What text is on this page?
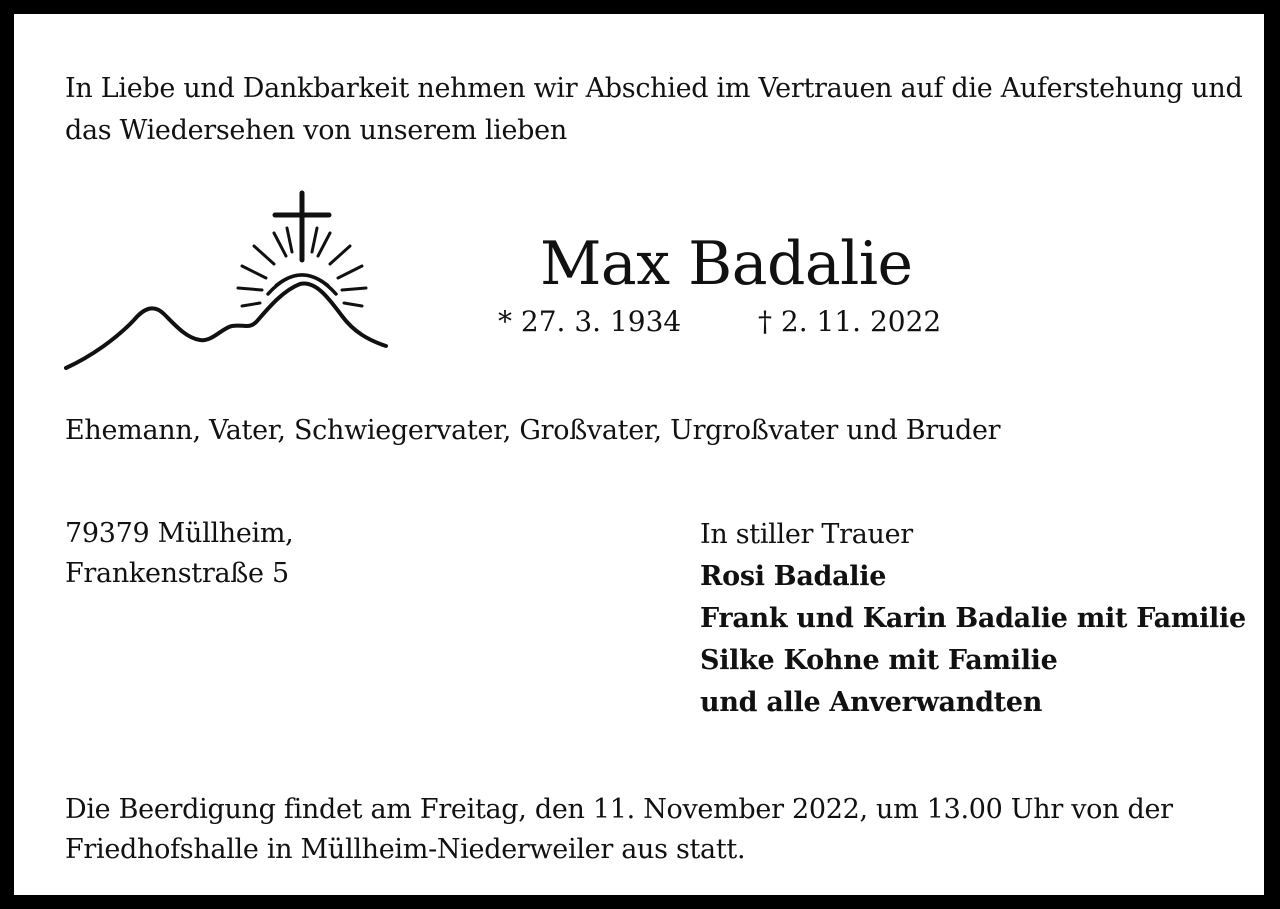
In Liebe und Dankbarkeit nehmen wir Abschied im Vertrauen auf die Auferstehung und
das Wiedersehen von unserem lieben
Max Badalie
* 27. 3. 1934	† 2. 11. 2022
Ehemann, Vater, Schwiegervater, Großvater, Urgroßvater und Bruder
79379 Müllheim,
Frankenstraße 5
In stiller Trauer
Rosi Badalie
Frank und Karin Badalie mit Familie
Silke Kohne mit Familie
und alle Anverwandten
Die Beerdigung findet am Freitag, den 11. November 2022, um 13.00 Uhr von der
Friedhofshalle in Müllheim-Niederweiler aus statt.
